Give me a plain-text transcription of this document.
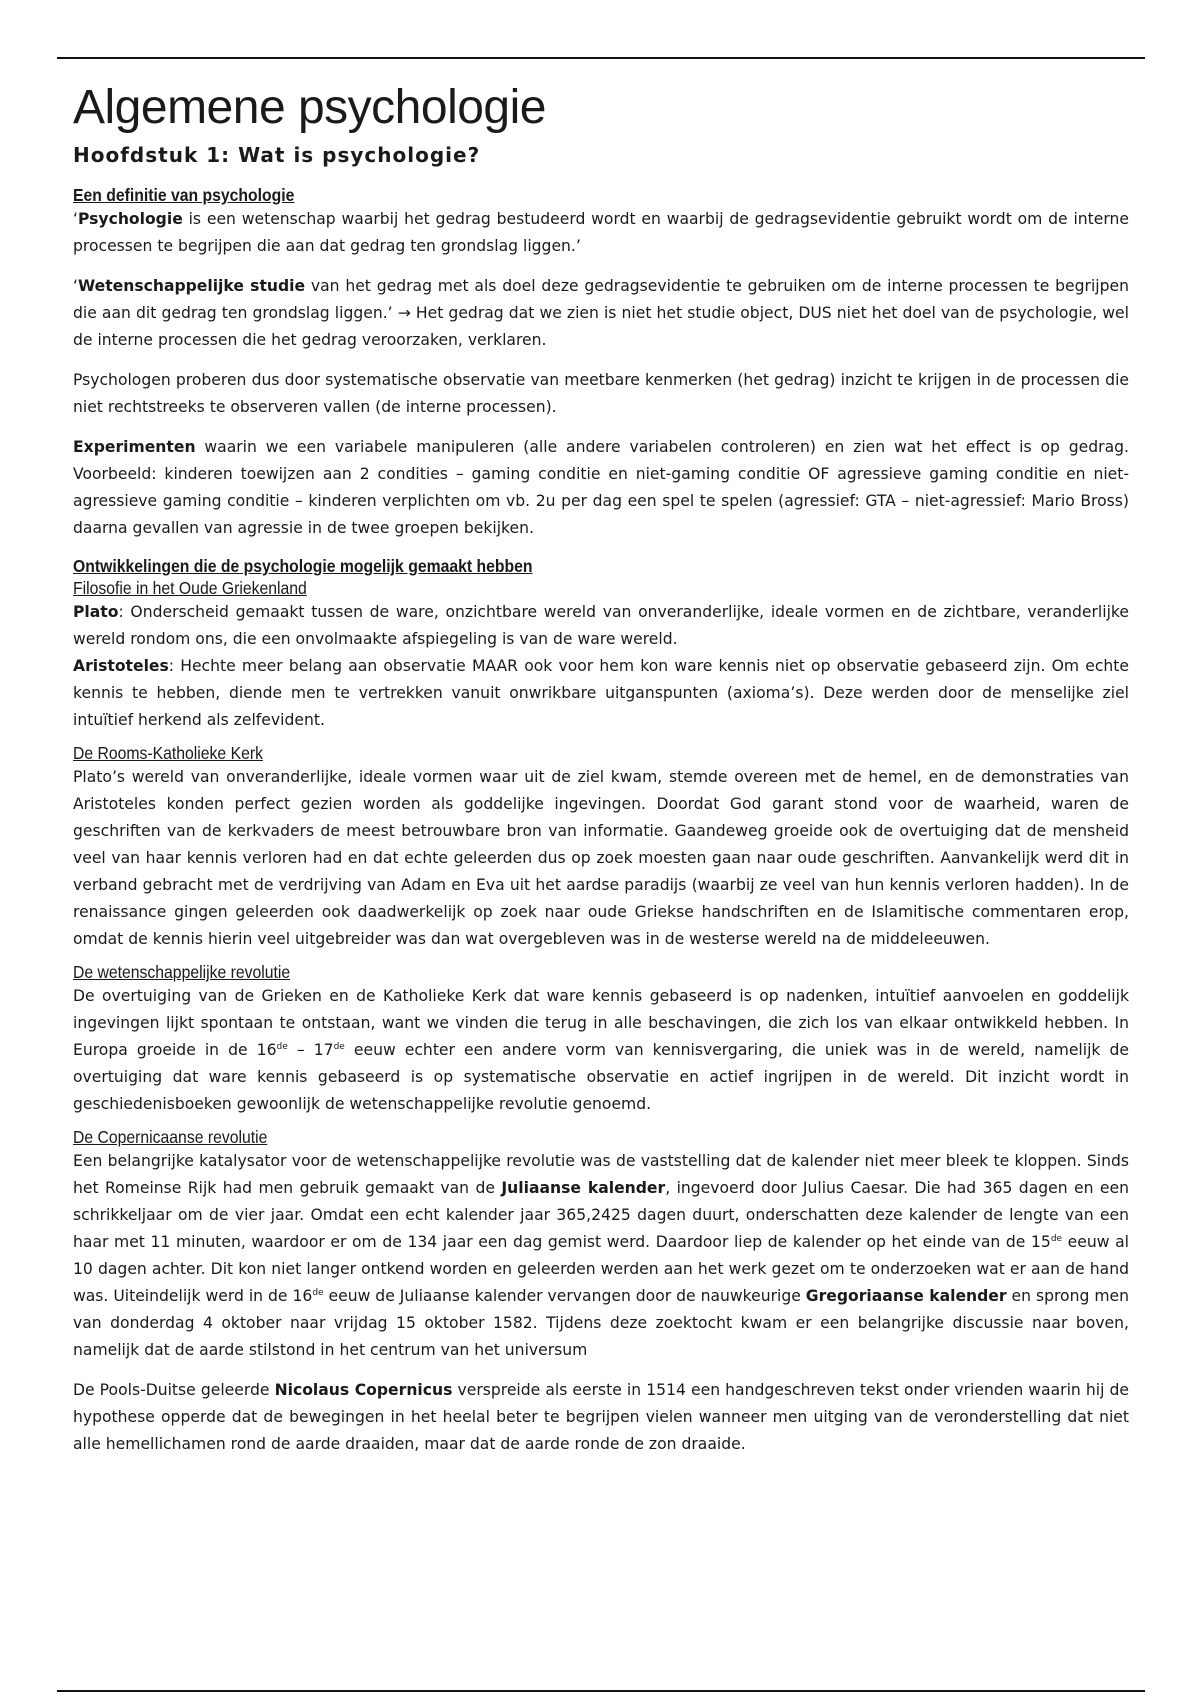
Algemene psychologie
Hoofdstuk 1: Wat is psychologie?
Een definitie van psychologie

‘Psychologie is een wetenschap waarbij het gedrag bestudeerd wordt en waarbij de gedragsevidentie gebruikt wordt om de interne processen te begrijpen die aan dat gedrag ten grondslag liggen.’

‘Wetenschappelijke studie van het gedrag met als doel deze gedragsevidentie te gebruiken om de interne processen te begrijpen die aan dit gedrag ten grondslag liggen.’ → Het gedrag dat we zien is niet het studie object, DUS niet het doel van de psychologie, wel de interne processen die het gedrag veroorzaken, verklaren.

Psychologen proberen dus door systematische observatie van meetbare kenmerken (het gedrag) inzicht te krijgen in de processen die niet rechtstreeks te observeren vallen (de interne processen).

Experimenten waarin we een variabele manipuleren (alle andere variabelen controleren) en zien wat het effect is op gedrag. Voorbeeld: kinderen toewijzen aan 2 condities – gaming conditie en niet-gaming conditie OF agressieve gaming conditie en niet-agressieve gaming conditie – kinderen verplichten om vb. 2u per dag een spel te spelen (agressief: GTA – niet-agressief: Mario Bross) daarna gevallen van agressie in de twee groepen bekijken.

Ontwikkelingen die de psychologie mogelijk gemaakt hebben
Filosofie in het Oude Griekenland

Plato: Onderscheid gemaakt tussen de ware, onzichtbare wereld van onveranderlijke, ideale vormen en de zichtbare, veranderlijke wereld rondom ons, die een onvolmaakte afspiegeling is van de ware wereld.

Aristoteles: Hechte meer belang aan observatie MAAR ook voor hem kon ware kennis niet op observatie gebaseerd zijn. Om echte kennis te hebben, diende men te vertrekken vanuit onwrikbare uitganspunten (axioma’s). Deze werden door de menselijke ziel intuïtief herkend als zelfevident.

De Rooms-Katholieke Kerk

Plato’s wereld van onveranderlijke, ideale vormen waar uit de ziel kwam, stemde overeen met de hemel, en de demonstraties van Aristoteles konden perfect gezien worden als goddelijke ingevingen. Doordat God garant stond voor de waarheid, waren de geschriften van de kerkvaders de meest betrouwbare bron van informatie. Gaandeweg groeide ook de overtuiging dat de mensheid veel van haar kennis verloren had en dat echte geleerden dus op zoek moesten gaan naar oude geschriften. Aanvankelijk werd dit in verband gebracht met de verdrijving van Adam en Eva uit het aardse paradijs (waarbij ze veel van hun kennis verloren hadden). In de renaissance gingen geleerden ook daadwerkelijk op zoek naar oude Griekse handschriften en de Islamitische commentaren erop, omdat de kennis hierin veel uitgebreider was dan wat overgebleven was in de westerse wereld na de middeleeuwen.

De wetenschappelijke revolutie

De overtuiging van de Grieken en de Katholieke Kerk dat ware kennis gebaseerd is op nadenken, intuïtief aanvoelen en goddelijk ingevingen lijkt spontaan te ontstaan, want we vinden die terug in alle beschavingen, die zich los van elkaar ontwikkeld hebben. In Europa groeide in de 16de – 17de eeuw echter een andere vorm van kennisvergaring, die uniek was in de wereld, namelijk de overtuiging dat ware kennis gebaseerd is op systematische observatie en actief ingrijpen in de wereld. Dit inzicht wordt in geschiedenisboeken gewoonlijk de wetenschappelijke revolutie genoemd.

De Copernicaanse revolutie

Een belangrijke katalysator voor de wetenschappelijke revolutie was de vaststelling dat de kalender niet meer bleek te kloppen. Sinds het Romeinse Rijk had men gebruik gemaakt van de Juliaanse kalender, ingevoerd door Julius Caesar. Die had 365 dagen en een schrikkeljaar om de vier jaar. Omdat een echt kalender jaar 365,2425 dagen duurt, onderschatten deze kalender de lengte van een haar met 11 minuten, waardoor er om de 134 jaar een dag gemist werd. Daardoor liep de kalender op het einde van de 15de eeuw al 10 dagen achter. Dit kon niet langer ontkend worden en geleerden werden aan het werk gezet om te onderzoeken wat er aan de hand was. Uiteindelijk werd in de 16de eeuw de Juliaanse kalender vervangen door de nauwkeurige Gregoriaanse kalender en sprong men van donderdag 4 oktober naar vrijdag 15 oktober 1582. Tijdens deze zoektocht kwam er een belangrijke discussie naar boven, namelijk dat de aarde stilstond in het centrum van het universum

De Pools-Duitse geleerde Nicolaus Copernicus verspreide als eerste in 1514 een handgeschreven tekst onder vrienden waarin hij de hypothese opperde dat de bewegingen in het heelal beter te begrijpen vielen wanneer men uitging van de veronderstelling dat niet alle hemellichamen rond de aarde draaiden, maar dat de aarde ronde de zon draaide.
